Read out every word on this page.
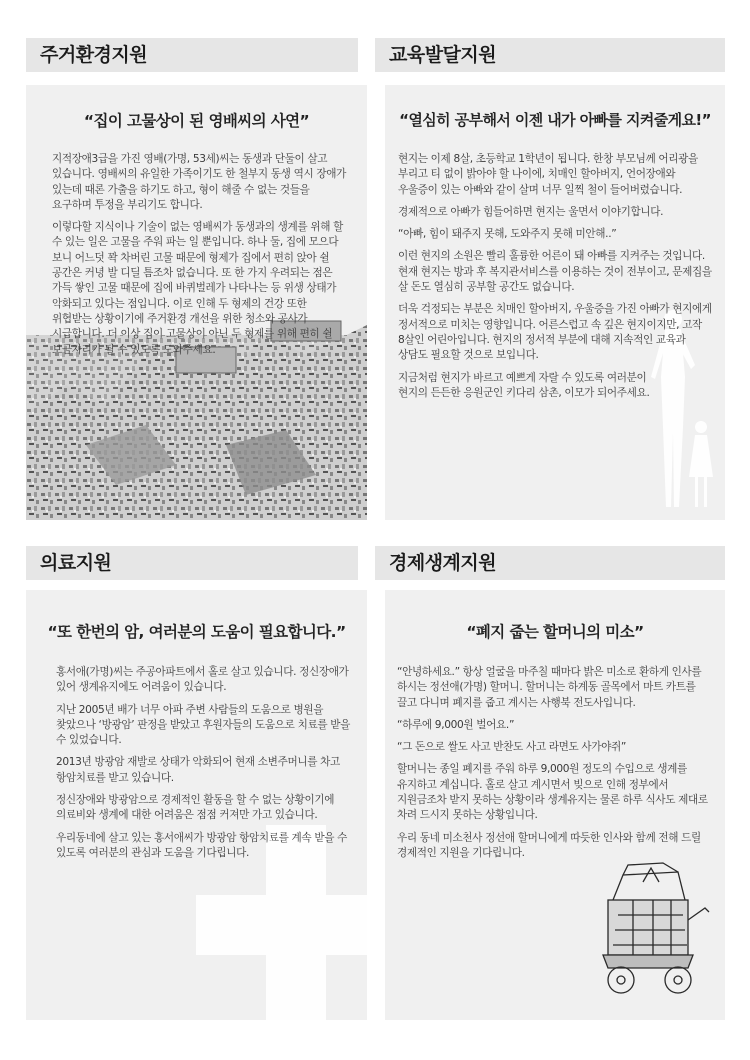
주거환경지원
“집이 고물상이 된 영배씨의 사연”

지적장애3급을 가진 영배(가명, 53세)씨는 동생과 단둘이 살고 있습니다. 영배씨의 유일한 가족이기도 한 철부지 동생 역시 장애가 있는데 때론 가출을 하기도 하고, 형이 해줄 수 없는 것들을 요구하며 투정을 부리기도 합니다.

이렇다할 지식이나 기술이 없는 영배씨가 동생과의 생계를 위해 할 수 있는 일은 고물을 주워 파는 일 뿐입니다. 하나 둘, 집에 모으다 보니 어느덧 꽉 차버린 고물 때문에 형제가 집에서 편히 앉아 쉴 공간은 커녕 발 디딜 틈조차 없습니다. 또 한 가지 우려되는 점은 가득 쌓인 고물 때문에 집에 바퀴벌레가 나타나는 등 위생 상태가 악화되고 있다는 점입니다. 이로 인해 두 형제의 건강 또한 위협받는 상황이기에 주거환경 개선을 위한 청소와 공사가 시급합니다. 더 이상 집이 고물상이 아닌 두 형제를 위해 편히 쉴 보금자리가 될 수 있도록 도와주세요.

교육발달지원
“열심히 공부해서 이젠 내가 아빠를 지켜줄게요!”

현지는 이제 8살, 초등학교 1학년이 됩니다. 한창 부모님께 어리광을 부리고 티 없이 밝아야 할 나이에, 치매인 할아버지, 언어장애와 우울증이 있는 아빠와 같이 살며 너무 일찍 철이 들어버렸습니다.

경제적으로 아빠가 힘들어하면 현지는 울면서 이야기합니다.

“아빠, 힘이 돼주지 못해, 도와주지 못해 미안해..”

이런 현지의 소원은 빨리 훌륭한 어른이 돼 아빠를 지켜주는 것입니다. 현재 현지는 방과 후 복지관서비스를 이용하는 것이 전부이고, 문제집을 살 돈도 열심히 공부할 공간도 없습니다.

더욱 걱정되는 부분은 치매인 할아버지, 우울증을 가진 아빠가 현지에게 정서적으로 미치는 영향입니다. 어른스럽고 속 깊은 현지이지만, 고작 8살인 어린아입니다. 현지의 정서적 부분에 대해 지속적인 교육과 상담도 필요할 것으로 보입니다.

지금처럼 현지가 바르고 예쁘게 자랄 수 있도록 여러분이 현지의 든든한 응원군인 키다리 삼촌, 이모가 되어주세요.

의료지원
“또 한번의 암, 여러분의 도움이 필요합니다.”

홍서애(가명)씨는 주공아파트에서 홀로 살고 있습니다. 정신장애가 있어 생계유지에도 어려움이 있습니다.

지난 2005년 배가 너무 아파 주변 사람들의 도움으로 병원을 찾았으나 ‘방광암’ 판정을 받았고 후원자들의 도움으로 치료를 받을 수 있었습니다.

2013년 방광암 재발로 상태가 악화되어 현재 소변주머니를 차고 항암치료를 받고 있습니다.

정신장애와 방광암으로 경제적인 활동을 할 수 없는 상황이기에 의료비와 생계에 대한 어려움은 점점 커져만 가고 있습니다.

우리동네에 살고 있는 홍서애씨가 방광암 항암치료를 계속 받을 수 있도록 여러분의 관심과 도움을 기다립니다.

경제생계지원
“폐지 줍는 할머니의 미소”

“안녕하세요.” 항상 얼굴을 마주칠 때마다 밝은 미소로 환하게 인사를 하시는 정선애(가명) 할머니. 할머니는 하계동 골목에서 마트 카트를 끌고 다니며 폐지를 줍고 계시는 사행북 전도사입니다.

“하루에 9,000원 벌어요.”

“그 돈으로 쌀도 사고 반찬도 사고 라면도 사가야쥐”

할머니는 종일 폐지를 주워 하루 9,000원 정도의 수입으로 생계를 유지하고 계십니다. 홀로 살고 계시면서 빚으로 인해 정부에서 지원금조차 받지 못하는 상황이라 생계유지는 물론 하루 식사도 제대로 차려 드시지 못하는 상황입니다.

우리 동네 미소천사 정선애 할머니에게 따듯한 인사와 함께 전해 드릴 경제적인 지원을 기다립니다.
